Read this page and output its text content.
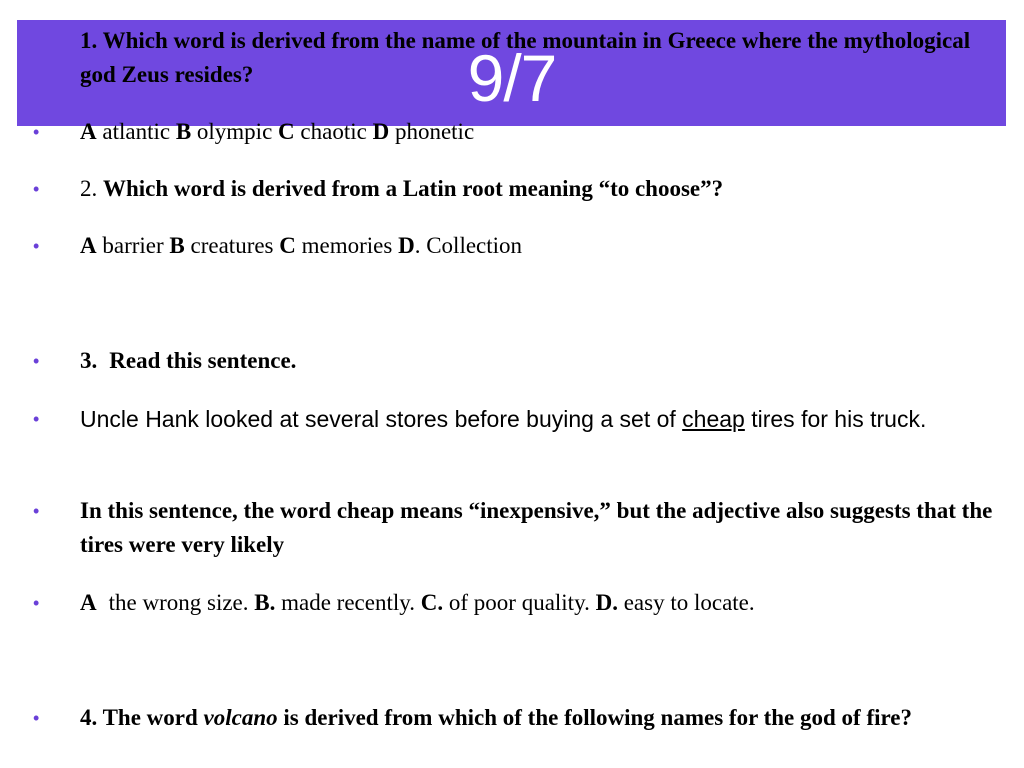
1. Which word is derived from the name of the mountain in Greece where the mythological god Zeus resides?
• A atlantic B olympic C chaotic D phonetic
• 2. Which word is derived from a Latin root meaning “to choose”?
• A barrier B creatures C memories D. Collection
• 3. Read this sentence.
• Uncle Hank looked at several stores before buying a set of cheap tires for his truck.
• In this sentence, the word cheap means “inexpensive,” but the adjective also suggests that the tires were very likely
• A the wrong size. B. made recently. C. of poor quality. D. easy to locate.
• 4. The word volcano is derived from which of the following names for the god of fire?
9/7
